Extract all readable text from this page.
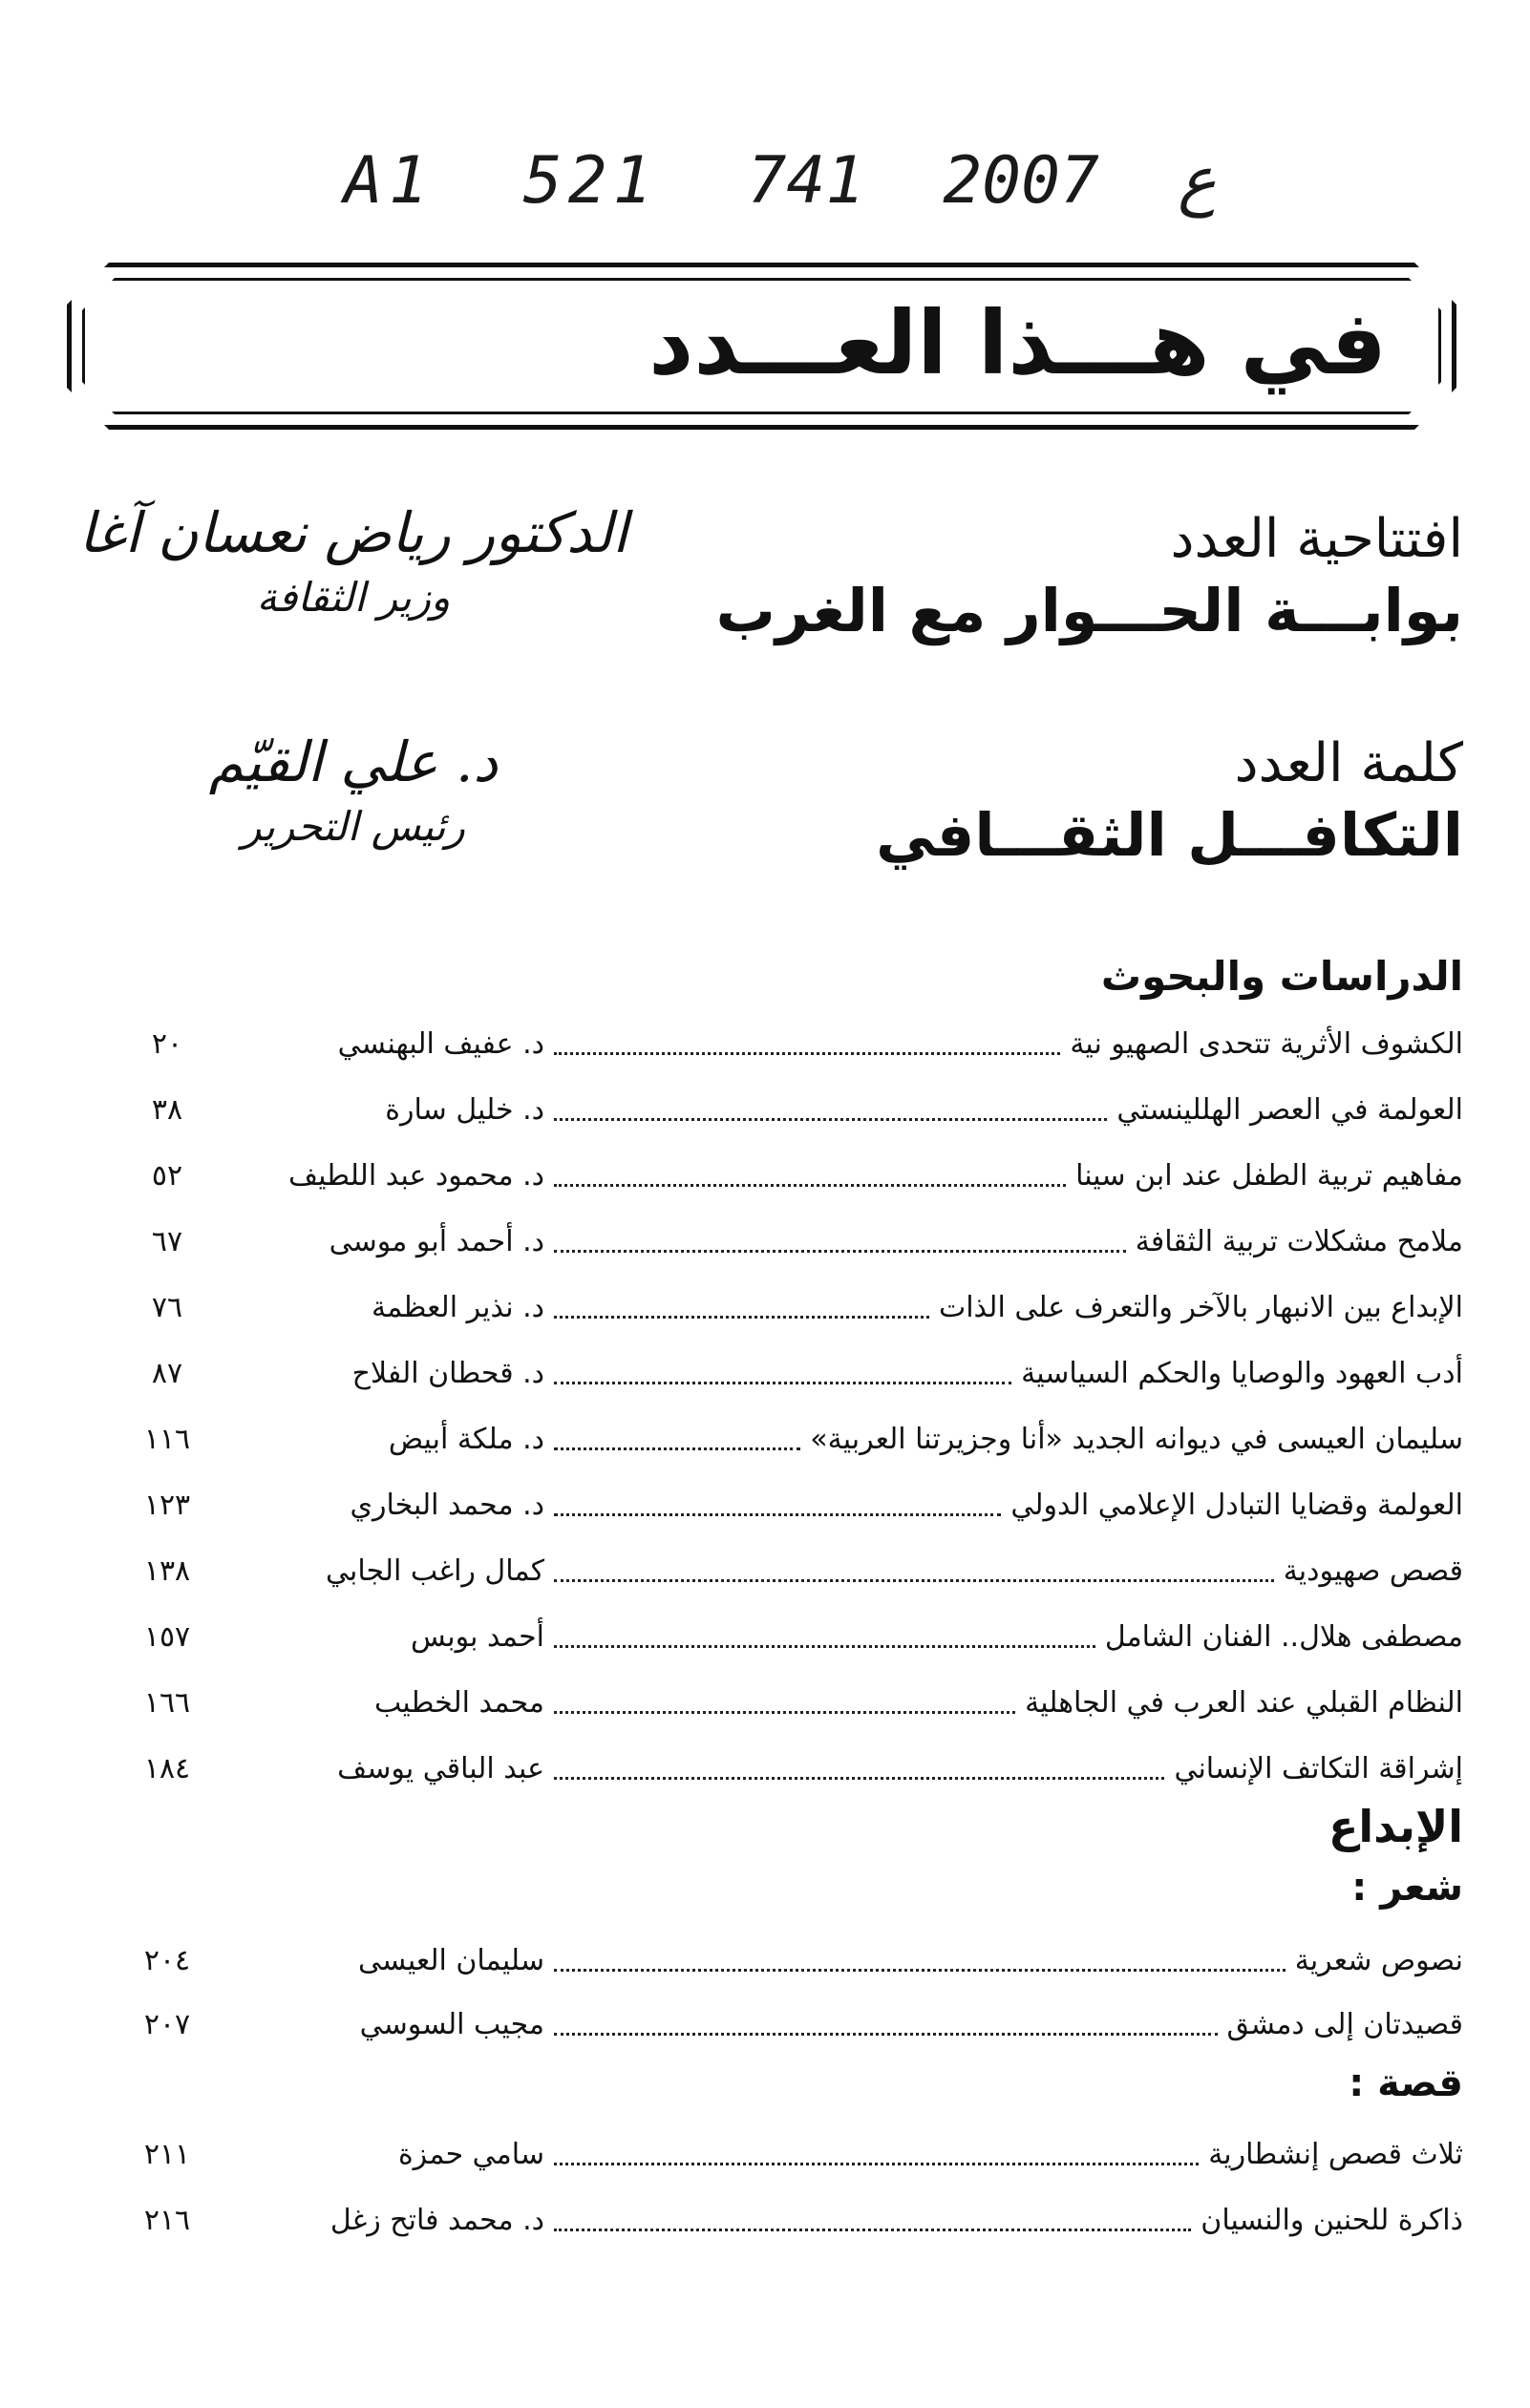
A1  521  ع  2007  741
في هـــذا العـــدد
افتتاحية العدد
بوابـــة الحـــوار مع الغرب
الدكتور رياض نعسان آغا
وزير الثقافة
كلمة العدد
التكافـــل الثقـــافي
د. علي القيّم
رئيس التحرير
الدراسات والبحوث
الكشوف الأثرية تتحدى الصهيو نية
د. عفيف البهنسي
٢٠
العولمة في العصر الهللينستي
د. خليل سارة
٣٨
مفاهيم تربية الطفل عند ابن سينا
د. محمود عبد اللطيف
٥٢
ملامح مشكلات تربية الثقافة
د. أحمد أبو موسى
٦٧
الإبداع بين الانبهار بالآخر والتعرف على الذات
د. نذير العظمة
٧٦
أدب العهود والوصايا والحكم السياسية
د. قحطان الفلاح
٨٧
سليمان العيسى في ديوانه الجديد «أنا وجزيرتنا العربية»
د. ملكة أبيض
١١٦
العولمة وقضايا التبادل الإعلامي الدولي
د. محمد البخاري
١٢٣
قصص صهيودية
كمال راغب الجابي
١٣٨
مصطفى هلال.. الفنان الشامل
أحمد بوبس
١٥٧
النظام القبلي عند العرب في الجاهلية
محمد الخطيب
١٦٦
إشراقة التكاتف الإنساني
عبد الباقي يوسف
١٨٤
الإبداع
شعر :
نصوص شعرية
سليمان العيسى
٢٠٤
قصيدتان إلى دمشق
مجيب السوسي
٢٠٧
قصة :
ثلاث قصص إنشطارية
سامي حمزة
٢١١
ذاكرة للحنين والنسيان
د. محمد فاتح زغل
٢١٦
